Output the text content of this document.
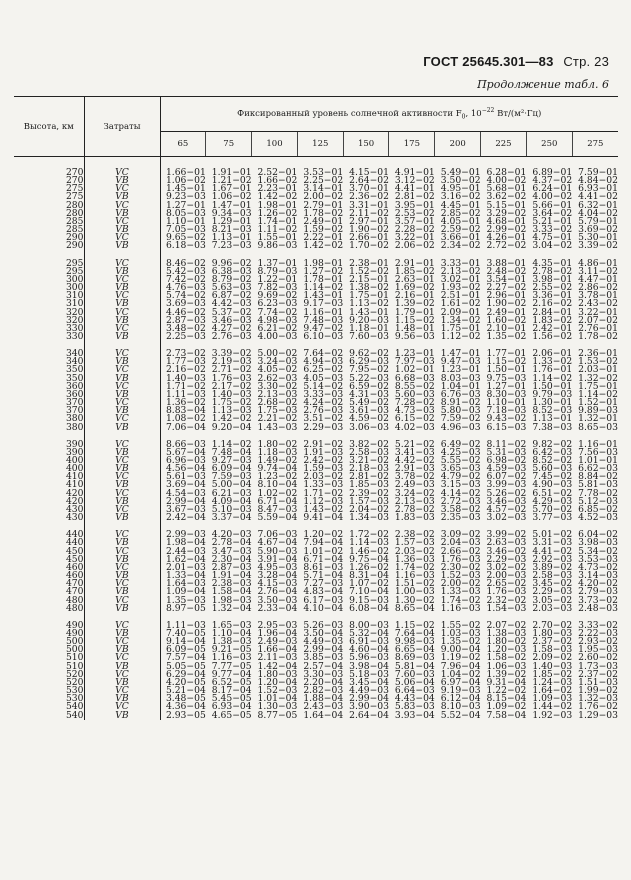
ГОСТ 25645.301—83 Стр. 23
Продолжение табл. 6
Высота, км	Затраты	Фиксированный уровень солнечной активности $F_0$, $10^{-22}$ Вт/(м²·Гц)									
		65	75	100	125	150	175	200	225	250	275

270	VC	1.66−01	1.91−01	2.52−01	3.53−01	4.15−01	4.91−01	5.49−01	6.28−01	6.89−01	7.59−01
270	VB	1.06−02	1.21−02	1.66−02	2.25−02	2.64−02	3.12−02	3.50−02	4.00−02	4.37−02	4.84−02
275	VC	1.45−01	1.67−01	2.23−01	3.14−01	3.70−01	4.41−01	4.95−01	5.68−01	6.24−01	6.93−01
275	VB	9.23−03	1.06−02	1.42−02	2.00−02	2.36−02	2.81−02	3.16−02	3.62−02	4.00−02	4.41−02
280	VC	1.27−01	1.47−01	1.98−01	2.79−01	3.31−01	3.95−01	4.45−01	5.15−01	5.66−01	6.32−01
280	VB	8.05−03	9.34−03	1.26−02	1.78−02	2.11−02	2.53−02	2.85−02	3.29−02	3.64−02	4.04−02
285	VC	1.10−01	1.29−01	1.74−01	2.49−01	2.97−01	3.57−01	4.05−01	4.68−01	5.21−01	5.79−01
285	VB	7.05−03	8.21−03	1.11−02	1.59−02	1.90−02	2.28−02	2.59−02	2.99−02	3.33−02	3.69−02
290	VC	9.65−02	1.13−01	1.55−01	2.22−01	2.66−01	3.22−01	3.66−01	4.26−01	4.75−01	5.30−01
290	VB	6.18−03	7.23−03	9.86−03	1.42−02	1.70−02	2.06−02	2.34−02	2.72−02	3.04−02	3.39−02

295	VC	8.46−02	9.96−02	1.37−01	1.98−01	2.38−01	2.91−01	3.33−01	3.88−01	4.35−01	4.86−01
295	VB	5.42−03	6.38−03	8.79−03	1.27−02	1.52−02	1.85−02	2.13−02	2.48−02	2.78−02	3.11−02
300	VC	7.42−02	8.79−02	1.22−01	1.78−01	2.15−01	2.63−01	3.02−01	3.54−01	3.98−01	4.47−01
300	VB	4.76−03	5.63−03	7.82−03	1.14−02	1.38−02	1.69−02	1.93−02	2.27−02	2.55−02	2.86−02
310	VC	5.74−02	6.87−02	9.69−02	1.43−01	1.75−01	2.16−01	2.51−01	2.96−01	3.36−01	3.78−01
310	VB	3.69−03	4.42−03	6.23−03	9.17−03	1.13−02	1.39−02	1.61−02	1.90−02	2.16−02	2.43−02
320	VC	4.46−02	5.37−02	7.74−02	1.16−01	1.43−01	1.79−01	2.09−01	2.49−01	2.84−01	3.22−01
320	VB	2.87−03	3.46−03	4.98−03	7.48−03	9.20−03	1.15−02	1.34−02	1.60−02	1.83−02	2.07−02
330	VC	3.48−02	4.27−02	6.21−02	9.47−02	1.18−01	1.48−01	1.75−01	2.10−01	2.42−01	2.76−01
330	VB	2.25−03	2.76−03	4.00−03	6.10−03	7.60−03	9.56−03	1.12−02	1.35−02	1.56−02	1.78−02

340	VC	2.73−02	3.39−02	5.00−02	7.64−02	9.62−02	1.23−01	1.47−01	1.77−01	2.06−01	2.36−01
340	VB	1.77−03	2.19−03	3.24−03	4.94−03	6.29−03	7.97−03	9.47−03	1.15−02	1.33−02	1.53−02
350	VC	2.16−02	2.71−02	4.05−02	6.25−02	7.95−02	1.02−01	1.23−01	1.50−01	1.76−01	2.03−01
350	VB	1.40−03	1.76−03	2.62−03	4.05−03	5.22−03	6.68−03	8.03−03	9.75−03	1.14−02	1.32−02
360	VC	1.71−02	2.17−02	3.30−02	5.14−02	6.59−02	8.55−02	1.04−01	1.27−01	1.50−01	1.75−01
360	VB	1.11−03	1.40−03	2.13−03	3.33−03	4.31−03	5.60−03	6.76−03	8.30−03	9.79−03	1.14−02
370	VC	1.36−02	1.75−02	2.68−02	4.24−02	5.49−02	7.28−02	8.91−02	1.10−01	1.30−01	1.52−01
370	VB	8.83−04	1.13−03	1.75−03	2.76−03	3.61−03	4.73−03	5.80−03	7.18−03	8.52−03	9.89−03
380	VC	1.08−02	1.42−02	2.21−02	3.51−02	4.59−02	6.15−02	7.59−02	9.43−02	1.13−01	1.32−01
380	VB	7.06−04	9.20−04	1.43−03	2.29−03	3.06−03	4.02−03	4.96−03	6.15−03	7.38−03	8.65−03

390	VC	8.66−03	1.14−02	1.80−02	2.91−02	3.82−02	5.21−02	6.49−02	8.11−02	9.82−02	1.16−01
390	VB	5.67−04	7.48−04	1.18−03	1.91−03	2.58−03	3.41−03	4.25−03	5.31−03	6.42−03	7.56−03
400	VC	6.96−03	9.27−03	1.49−02	2.42−02	3.21−02	4.42−02	5.55−02	6.98−02	8.52−02	1.01−01
400	VB	4.56−04	6.09−04	9.74−04	1.59−03	2.18−03	2.91−03	3.65−03	4.59−03	5.60−03	6.62−03
410	VC	5.61−03	7.59−03	1.23−02	2.03−02	2.81−02	3.78−02	4.79−02	6.07−02	7.45−02	8.84−02
410	VB	3.69−04	5.00−04	8.10−04	1.33−03	1.85−03	2.49−03	3.15−03	3.99−03	4.90−03	5.81−03
420	VC	4.54−03	6.21−03	1.02−02	1.71−02	2.39−02	3.24−02	4.14−02	5.26−02	6.51−02	7.78−02
420	VB	2.99−04	4.09−04	6.71−04	1.12−03	1.57−03	2.13−03	2.72−03	3.46−03	4.29−03	5.12−03
430	VC	3.67−03	5.10−03	8.47−03	1.43−02	2.04−02	2.78−02	3.58−02	4.57−02	5.70−02	6.85−02
430	VB	2.42−04	3.37−04	5.59−04	9.41−04	1.34−03	1.83−03	2.35−03	3.02−03	3.77−03	4.52−03

440	VC	2.99−03	4.20−03	7.06−03	1.20−02	1.72−02	2.38−02	3.09−02	3.99−02	5.01−02	6.04−02
440	VB	1.98−04	2.78−04	4.67−04	7.94−04	1.14−03	1.57−03	2.04−03	2.63−03	3.31−03	3.98−03
450	VC	2.44−03	3.47−03	5.90−03	1.01−02	1.46−02	2.03−02	2.66−02	3.46−02	4.41−02	5.34−02
450	VB	1.62−04	2.30−04	3.91−04	6.71−04	9.75−04	1.36−03	1.76−03	2.29−03	2.92−03	3.53−03
460	VC	2.01−03	2.87−03	4.95−03	8.61−03	1.26−02	1.74−02	2.30−02	3.02−02	3.89−02	4.73−02
460	VB	1.33−04	1.91−04	3.28−04	5.71−04	8.31−04	1.16−03	1.52−03	2.00−03	2.58−03	3.14−03
470	VC	1.64−03	2.38−03	4.15−03	7.27−03	1.07−02	1.51−02	2.00−02	2.65−02	3.45−02	4.20−02
470	VB	1.09−04	1.58−04	2.76−04	4.83−04	7.10−04	1.00−03	1.33−03	1.76−03	2.29−03	2.79−03
480	VC	1.35−03	1.98−03	3.50−03	6.17−03	9.15−03	1.30−02	1.74−02	2.32−02	3.05−02	3.73−02
480	VB	8.97−05	1.32−04	2.33−04	4.10−04	6.08−04	8.65−04	1.16−03	1.54−03	2.03−03	2.48−03

490	VC	1.11−03	1.65−03	2.95−03	5.26−03	8.00−03	1.15−02	1.55−02	2.07−02	2.70−02	3.33−02
490	VB	7.40−05	1.10−04	1.96−04	3.50−04	5.32−04	7.64−04	1.03−03	1.38−03	1.80−03	2.22−03
500	VC	9.14−04	1.38−03	2.49−03	4.49−03	6.91−03	9.98−03	1.35−02	1.80−02	2.37−02	2.93−02
500	VB	6.09−05	9.21−05	1.66−04	2.99−04	4.60−04	6.65−04	9.00−04	1.20−03	1.58−03	1.95−03
510	VC	7.57−04	1.16−03	2.11−03	3.85−03	5.96−03	8.69−03	1.19−02	1.58−02	2.09−02	2.60−02
510	VB	5.05−05	7.77−05	1.42−04	2.57−04	3.98−04	5.81−04	7.96−04	1.06−03	1.40−03	1.73−03
520	VC	6.29−04	9.77−04	1.80−03	3.30−03	5.18−03	7.60−03	1.04−02	1.39−02	1.85−02	2.37−02
520	VB	4.20−05	6.52−05	1.20−04	2.20−04	3.45−04	5.06−04	6.97−04	9.31−04	1.24−03	1.51−03
530	VC	5.21−04	8.17−04	1.52−03	2.82−03	4.49−03	6.64−03	9.19−03	1.22−02	1.64−02	1.99−02
530	VB	3.48−05	5.45−05	1.01−04	1.88−04	2.99−04	4.43−04	6.12−04	8.15−04	1.09−03	1.32−03
540	VC	4.36−04	6.93−04	1.30−03	2.43−03	3.90−03	5.83−03	8.10−03	1.09−02	1.44−02	1.76−02
540	VB	2.93−05	4.65−05	8.77−05	1.64−04	2.64−04	3.93−04	5.52−04	7.58−04	1.92−03	1.29−03
